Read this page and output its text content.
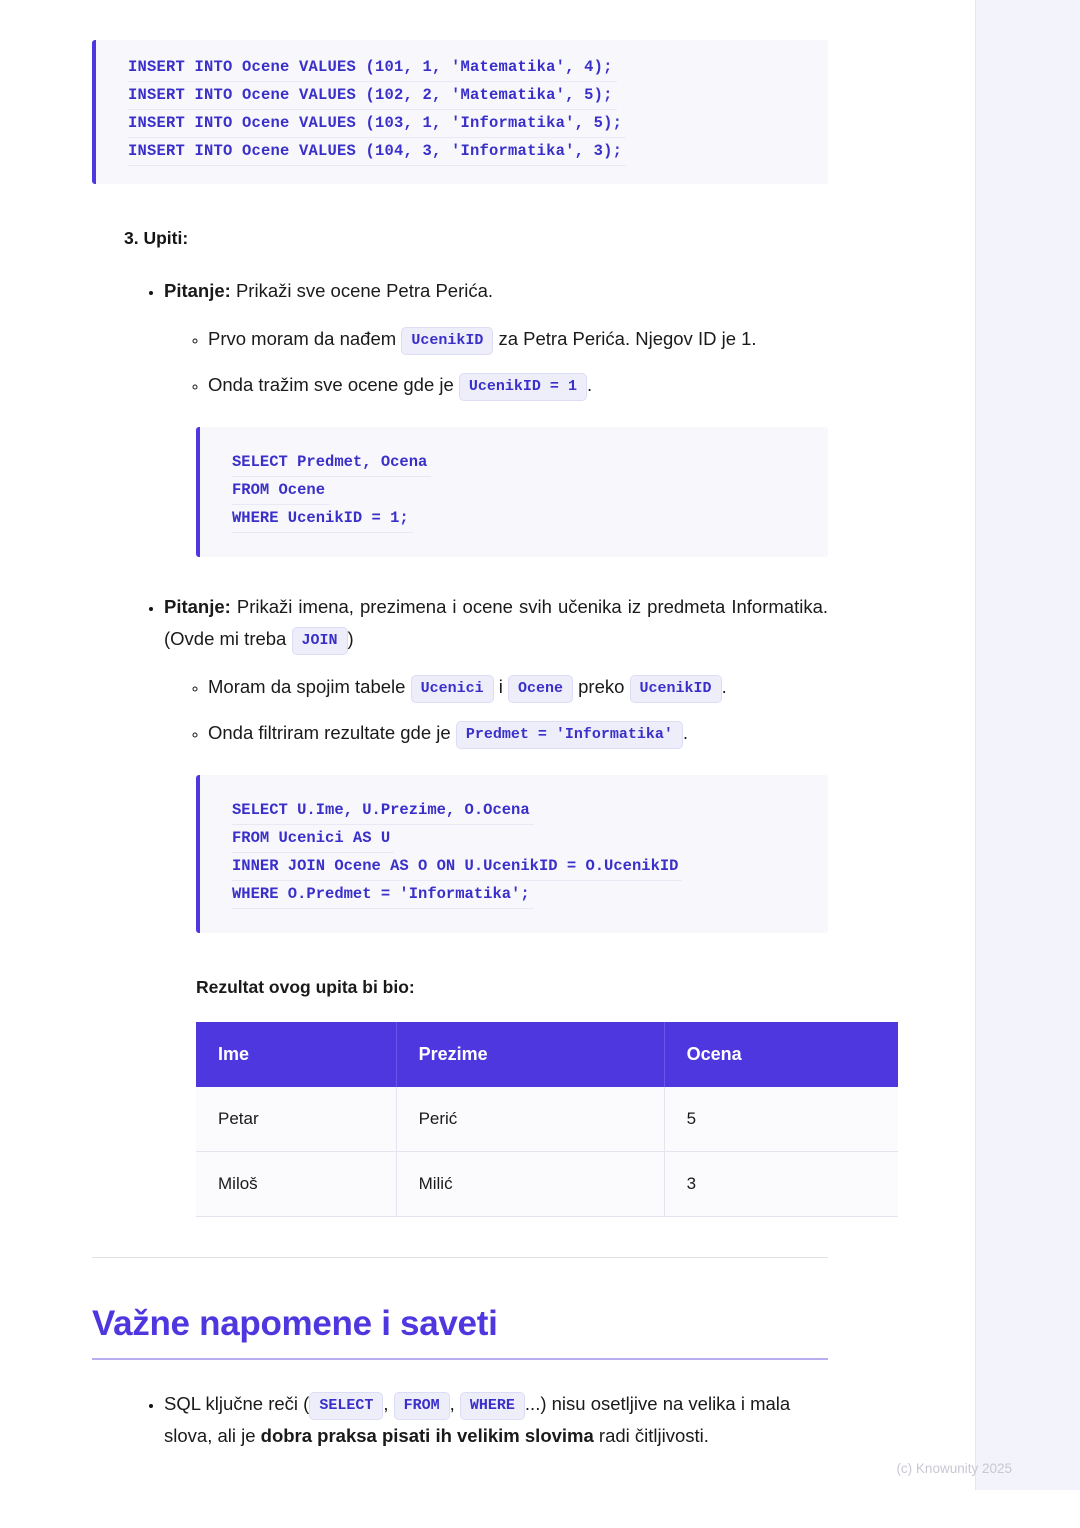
INSERT INTO Ocene VALUES (101, 1, 'Matematika', 4);
INSERT INTO Ocene VALUES (102, 2, 'Matematika', 5);
INSERT INTO Ocene VALUES (103, 1, 'Informatika', 5);
INSERT INTO Ocene VALUES (104, 3, 'Informatika', 3);
3. Upiti:
• Pitanje: Prikaži sve ocene Petra Perića.
◦ Prvo moram da nađem UcenikID za Petra Perića. Njegov ID je 1.
◦ Onda tražim sve ocene gde je UcenikID = 1 .
SELECT Predmet, Ocena
FROM Ocene
WHERE UcenikID = 1;
• Pitanje: Prikaži imena, prezimena i ocene svih učenika iz predmeta Informatika. (Ovde mi treba JOIN )
◦ Moram da spojim tabele Ucenici i Ocene preko UcenikID .
◦ Onda filtriram rezultate gde je Predmet = 'Informatika' .
SELECT U.Ime, U.Prezime, O.Ocena
FROM Ucenici AS U
INNER JOIN Ocene AS O ON U.UcenikID = O.UcenikID
WHERE O.Predmet = 'Informatika';
Rezultat ovog upita bi bio:
Ime	Prezime	Ocena
Petar	Perić	5
Miloš	Milić	3
Važne napomene i saveti
• SQL ključne reči ( SELECT , FROM , WHERE ...) nisu osetljive na velika i mala slova, ali je dobra praksa pisati ih velikim slovima radi čitljivosti.
(c) Knowunity 2025
